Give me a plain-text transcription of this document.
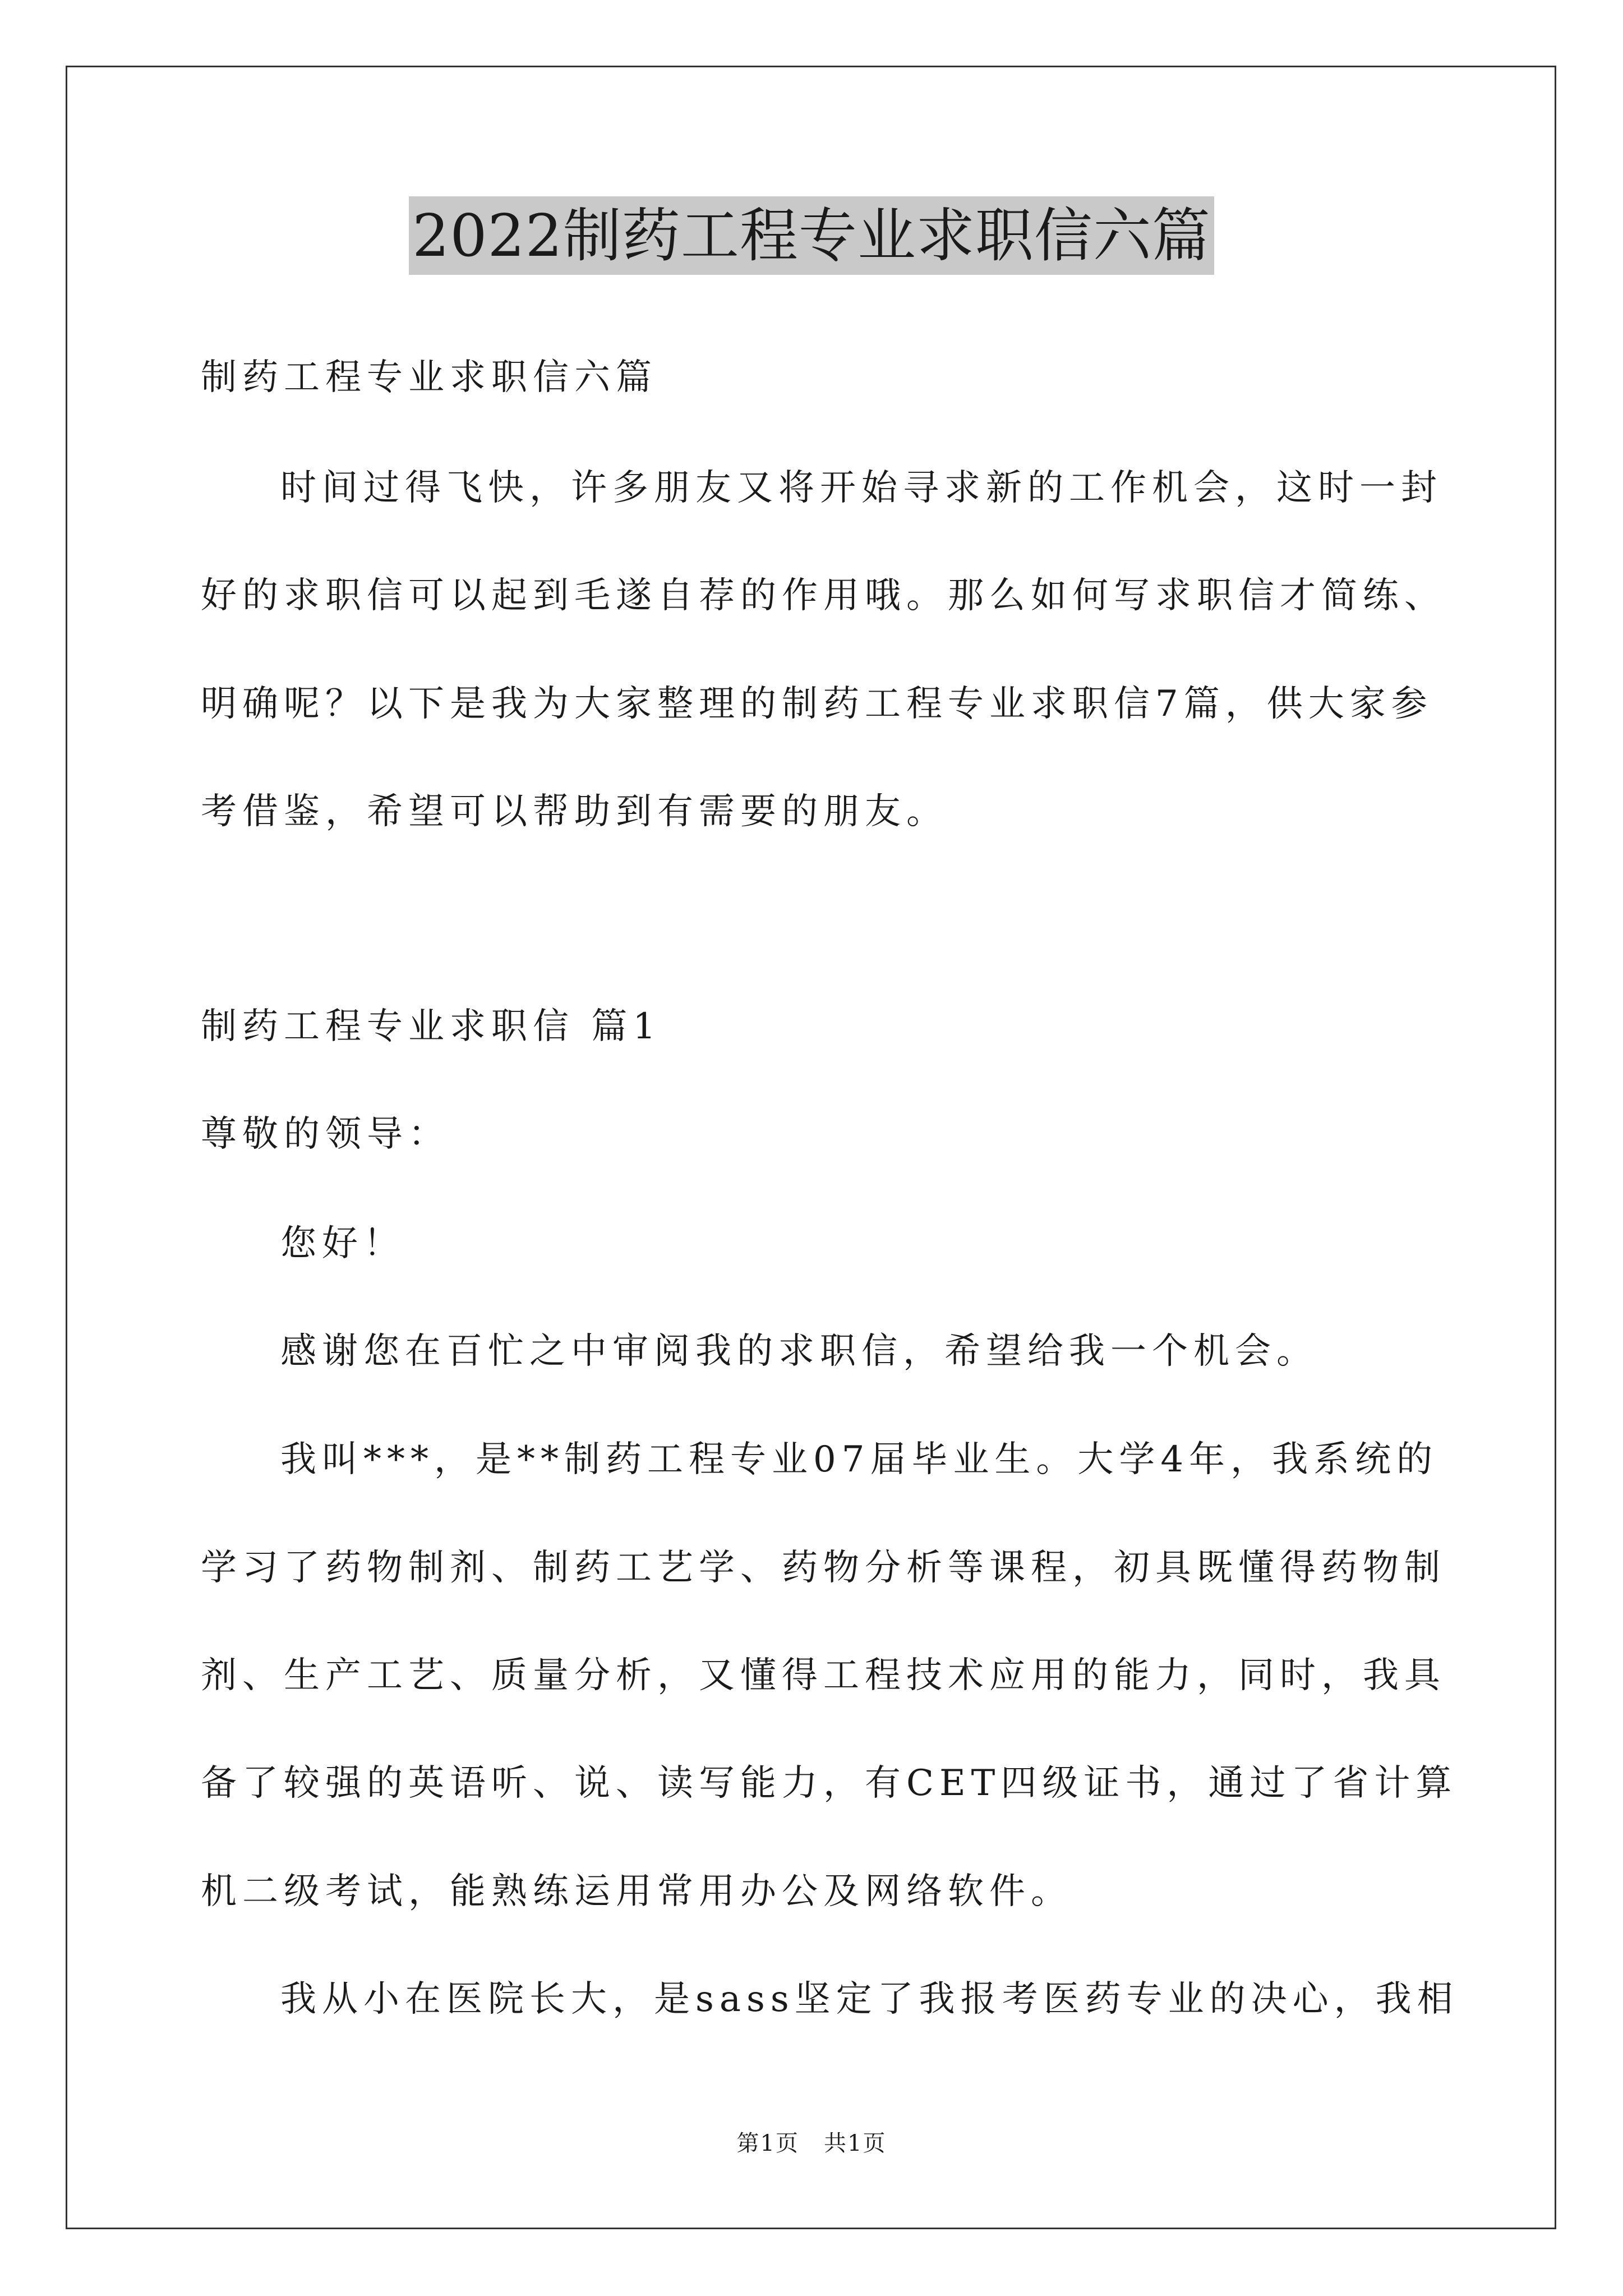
2022制药工程专业求职信六篇
制药工程专业求职信六篇
时间过得飞快，许多朋友又将开始寻求新的工作机会，这时一封
好的求职信可以起到毛遂自荐的作用哦。那么如何写求职信才简练、
明确呢？以下是我为大家整理的制药工程专业求职信7篇，供大家参
考借鉴，希望可以帮助到有需要的朋友。
制药工程专业求职信 篇1
尊敬的领导：
您好！
感谢您在百忙之中审阅我的求职信，希望给我一个机会。
我叫***，是**制药工程专业07届毕业生。大学4年，我系统的
学习了药物制剂、制药工艺学、药物分析等课程，初具既懂得药物制
剂、生产工艺、质量分析，又懂得工程技术应用的能力，同时，我具
备了较强的英语听、说、读写能力，有CET四级证书，通过了省计算
机二级考试，能熟练运用常用办公及网络软件。
我从小在医院长大，是sass坚定了我报考医药专业的决心，我相
第1页 共1页
